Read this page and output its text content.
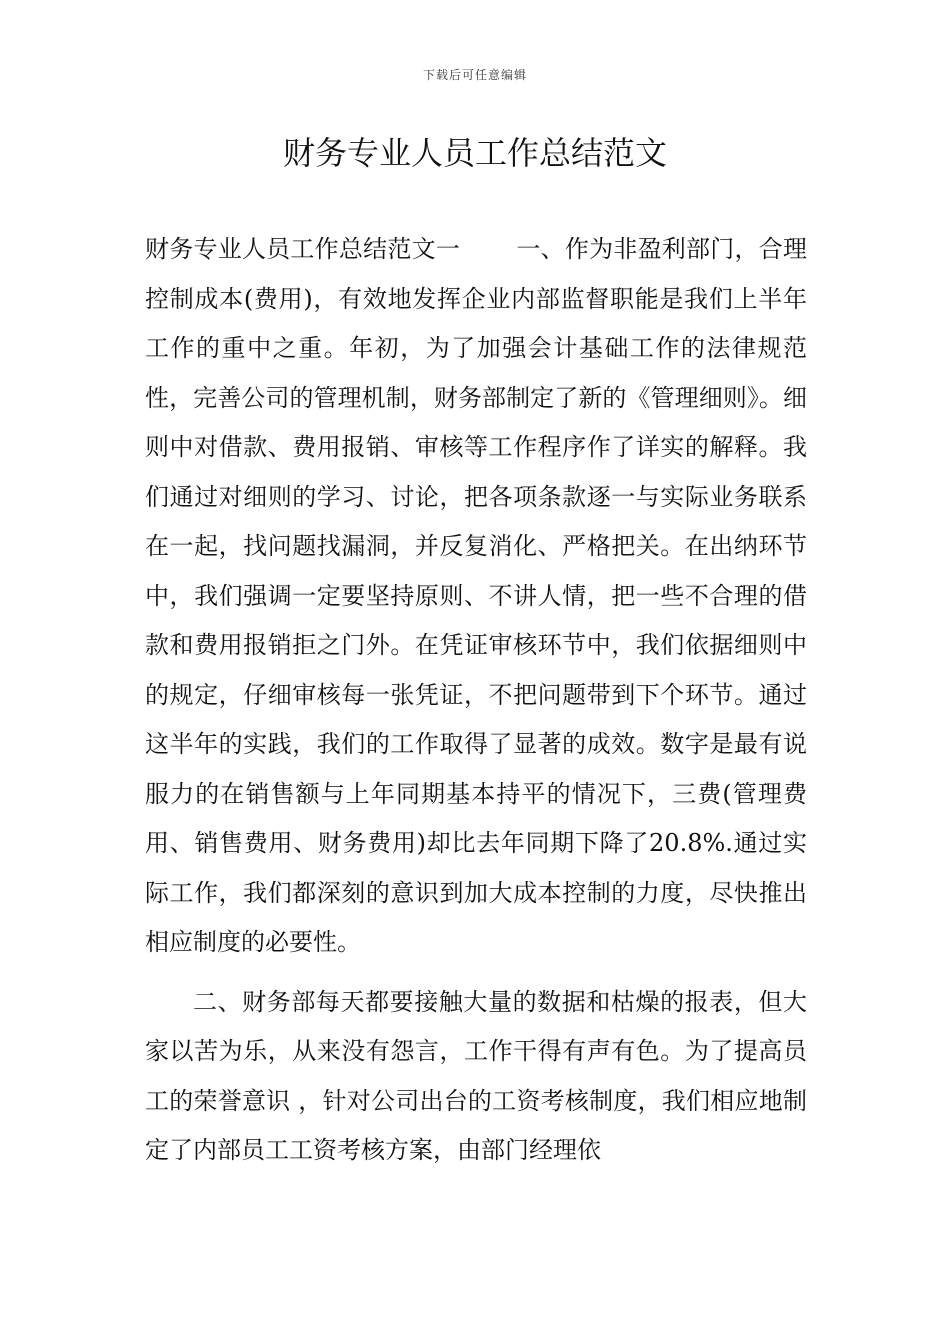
下载后可任意编辑
财务专业人员工作总结范文

财务专业人员工作总结范文一　　 一、作为非盈利部门，合理控制成本(费用)，有效地发挥企业内部监督职能是我们上半年工作的重中之重。年初，为了加强会计基础工作的法律规范性，完善公司的管理机制，财务部制定了新的《管理细则》。细则中对借款、费用报销、审核等工作程序作了详实的解释。我们通过对细则的学习、讨论，把各项条款逐一与实际业务联系在一起，找问题找漏洞，并反复消化、严格把关。在出纳环节中，我们强调一定要坚持原则、不讲人情，把一些不合理的借款和费用报销拒之门外。在凭证审核环节中，我们依据细则中的规定，仔细审核每一张凭证，不把问题带到下个环节。通过这半年的实践，我们的工作取得了显著的成效。数字是最有说服力的在销售额与上年同期基本持平的情况下，三费(管理费用、销售费用、财务费用)却比去年同期下降了20.8%.通过实际工作，我们都深刻的意识到加大成本控制的力度，尽快推出相应制度的必要性。

二、财务部每天都要接触大量的数据和枯燥的报表，但大家以苦为乐，从来没有怨言，工作干得有声有色。为了提高员工的荣誉意识 ，针对公司出台的工资考核制度，我们相应地制定了内部员工工资考核方案，由部门经理依
